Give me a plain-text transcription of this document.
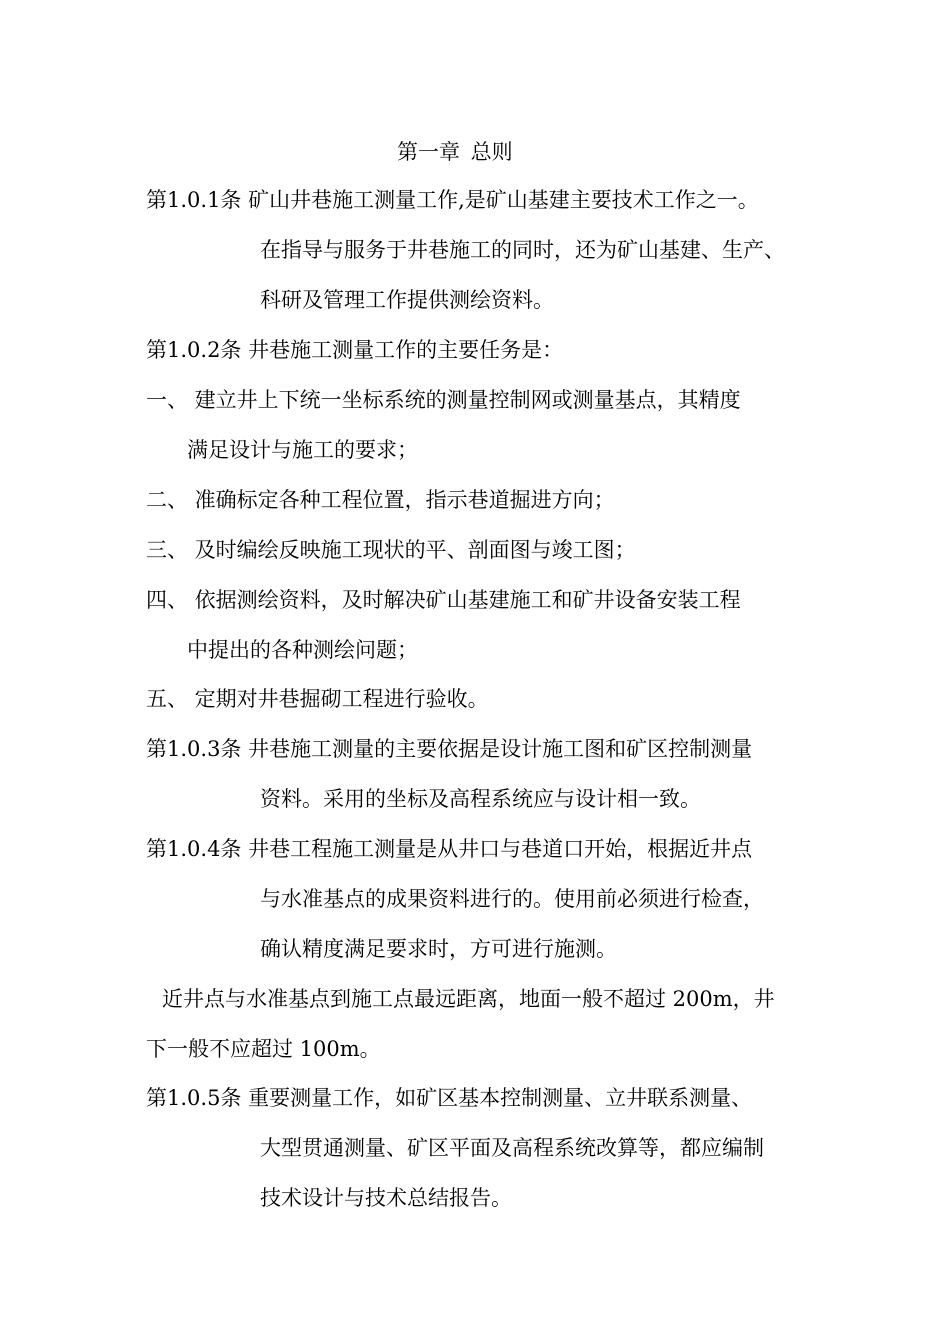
第一章 总则
第1.0.1条 矿山井巷施工测量工作,是矿山基建主要技术工作之一。
在指导与服务于井巷施工的同时，还为矿山基建、生产、
科研及管理工作提供测绘资料。
第1.0.2条 井巷施工测量工作的主要任务是：
一、 建立井上下统一坐标系统的测量控制网或测量基点，其精度
满足设计与施工的要求；
二、 准确标定各种工程位置，指示巷道掘进方向；
三、 及时编绘反映施工现状的平、剖面图与竣工图；
四、 依据测绘资料，及时解决矿山基建施工和矿井设备安装工程
中提出的各种测绘问题；
五、 定期对井巷掘砌工程进行验收。
第1.0.3条 井巷施工测量的主要依据是设计施工图和矿区控制测量
资料。采用的坐标及高程系统应与设计相一致。
第1.0.4条 井巷工程施工测量是从井口与巷道口开始，根据近井点
与水准基点的成果资料进行的。使用前必须进行检查，
确认精度满足要求时，方可进行施测。
近井点与水准基点到施工点最远距离，地面一般不超过 200m，井
下一般不应超过 100m。
第1.0.5条 重要测量工作，如矿区基本控制测量、立井联系测量、
大型贯通测量、矿区平面及高程系统改算等，都应编制
技术设计与技术总结报告。
